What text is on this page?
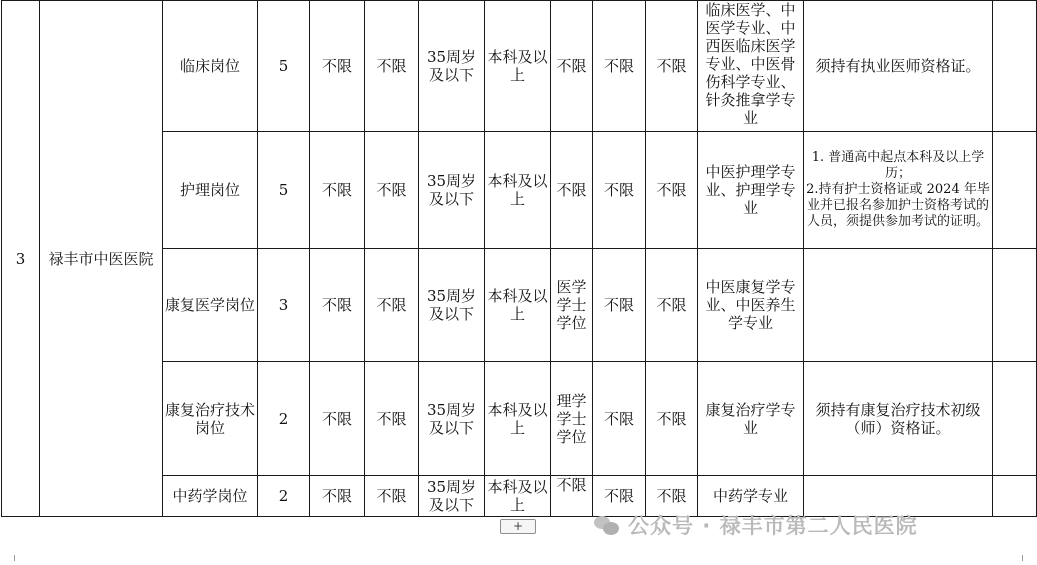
3	禄丰市中医医院	临床岗位	5	不限	不限	35周岁及以下	本科及以上	不限	不限	不限	临床医学、中医学专业、中西医临床医学专业、中医骨伤科学专业、针灸推拿学专业	须持有执业医师资格证。	
		护理岗位	5	不限	不限	35周岁及以下	本科及以上	不限	不限	不限	中医护理学专业、护理学专业	1. 普通高中起点本科及以上学历；
2.持有护士资格证或 2024 年毕业并已报名参加护士资格考试的人员，须提供参加考试的证明。	
		康复医学岗位	3	不限	不限	35周岁及以下	本科及以上	医学学士学位	不限	不限	中医康复学专业、中医养生学专业		
		康复治疗技术岗位	2	不限	不限	35周岁及以下	本科及以上	理学学士学位	不限	不限	康复治疗学专业	须持有康复治疗技术初级（师）资格证。	
		中药学岗位	2	不限	不限	35周岁及以下	本科及以上	不限	不限	不限	中药学专业		
+	公众号 · 禄丰市第二人民医院
